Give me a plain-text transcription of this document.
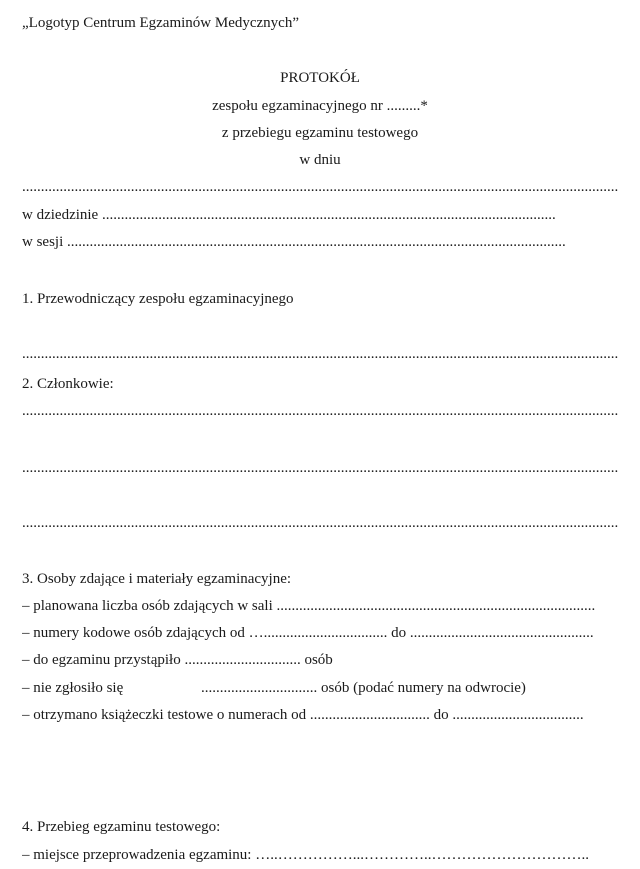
„Logotyp Centrum Egzaminów Medycznych”
PROTOKÓŁ
zespołu egzaminacyjnego nr .........*
z przebiegu egzaminu testowego
w dniu
...............................................................................................................................................................
w dziedzinie .........................................................................................................................
w sesji .....................................................................................................................................
1. Przewodniczący zespołu egzaminacyjnego
...............................................................................................................................................................
2. Członkowie:
...............................................................................................................................................................
...............................................................................................................................................................
...............................................................................................................................................................
3. Osoby zdające i materiały egzaminacyjne:
– planowana liczba osób zdających w sali .....................................................................................
– numery kodowe osób zdających od …................................. do .................................................
– do egzaminu przystąpiło ............................... osób
– nie zgłosiło się	............................... osób (podać numery na odwrocie)
– otrzymano książeczki testowe o numerach od ................................ do ...................................
4. Przebieg egzaminu testowego:
– miejsce przeprowadzenia egzaminu: …..……………...…………..…………………………..
